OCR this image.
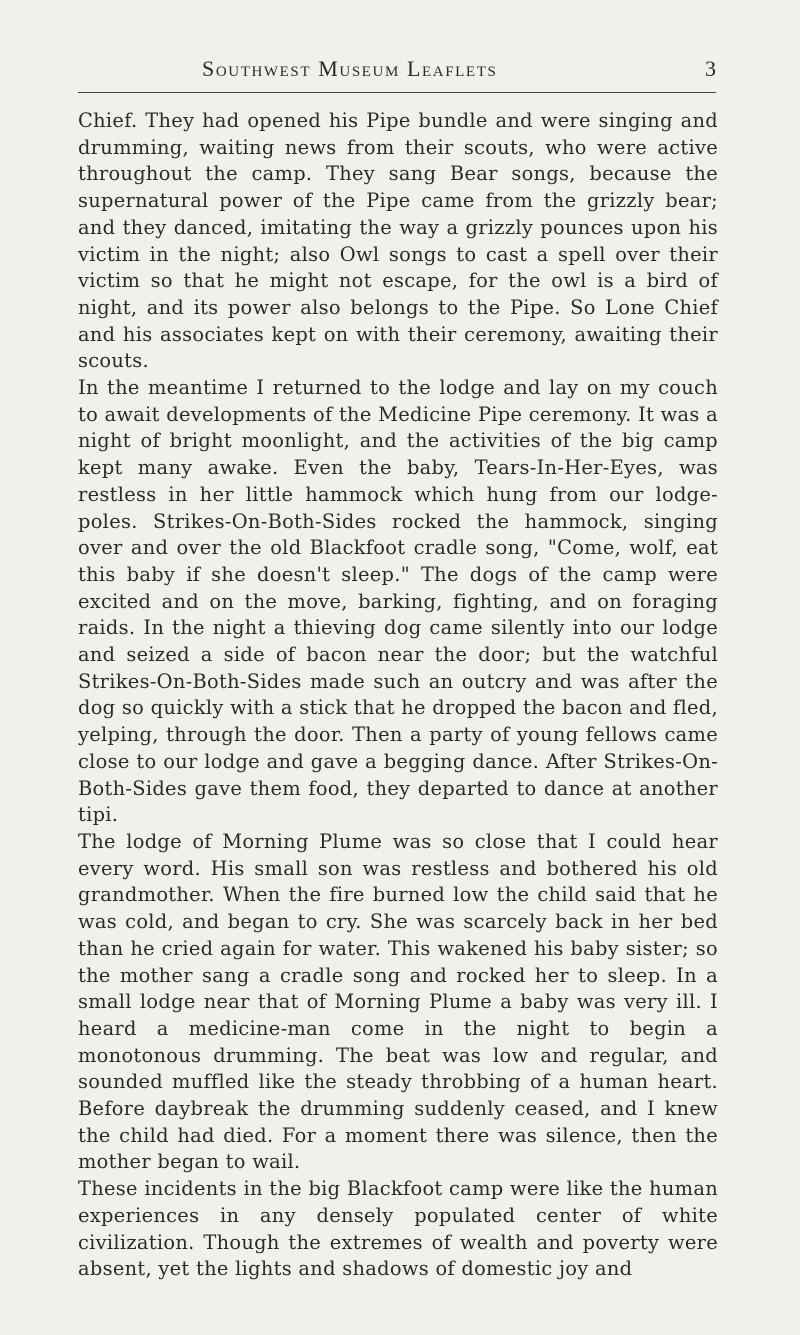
Southwest Museum Leaflets	3

Chief. They had opened his Pipe bundle and were singing and drumming, waiting news from their scouts, who were active throughout the camp. They sang Bear songs, because the supernatural power of the Pipe came from the grizzly bear; and they danced, imitating the way a grizzly pounces upon his victim in the night; also Owl songs to cast a spell over their victim so that he might not escape, for the owl is a bird of night, and its power also belongs to the Pipe. So Lone Chief and his associates kept on with their ceremony, awaiting their scouts.

In the meantime I returned to the lodge and lay on my couch to await developments of the Medicine Pipe ceremony. It was a night of bright moonlight, and the activities of the big camp kept many awake. Even the baby, Tears-In-Her-Eyes, was restless in her little hammock which hung from our lodge-poles. Strikes-On-Both-Sides rocked the hammock, singing over and over the old Blackfoot cradle song, "Come, wolf, eat this baby if she doesn't sleep." The dogs of the camp were excited and on the move, barking, fighting, and on foraging raids. In the night a thieving dog came silently into our lodge and seized a side of bacon near the door; but the watchful Strikes-On-Both-Sides made such an outcry and was after the dog so quickly with a stick that he dropped the bacon and fled, yelping, through the door. Then a party of young fellows came close to our lodge and gave a begging dance. After Strikes-On-Both-Sides gave them food, they departed to dance at another tipi.

The lodge of Morning Plume was so close that I could hear every word. His small son was restless and bothered his old grandmother. When the fire burned low the child said that he was cold, and began to cry. She was scarcely back in her bed than he cried again for water. This wakened his baby sister; so the mother sang a cradle song and rocked her to sleep. In a small lodge near that of Morning Plume a baby was very ill. I heard a medicine-man come in the night to begin a monotonous drumming. The beat was low and regular, and sounded muffled like the steady throbbing of a human heart. Before daybreak the drumming suddenly ceased, and I knew the child had died. For a moment there was silence, then the mother began to wail.

These incidents in the big Blackfoot camp were like the human experiences in any densely populated center of white civilization. Though the extremes of wealth and poverty were absent, yet the lights and shadows of domestic joy and
